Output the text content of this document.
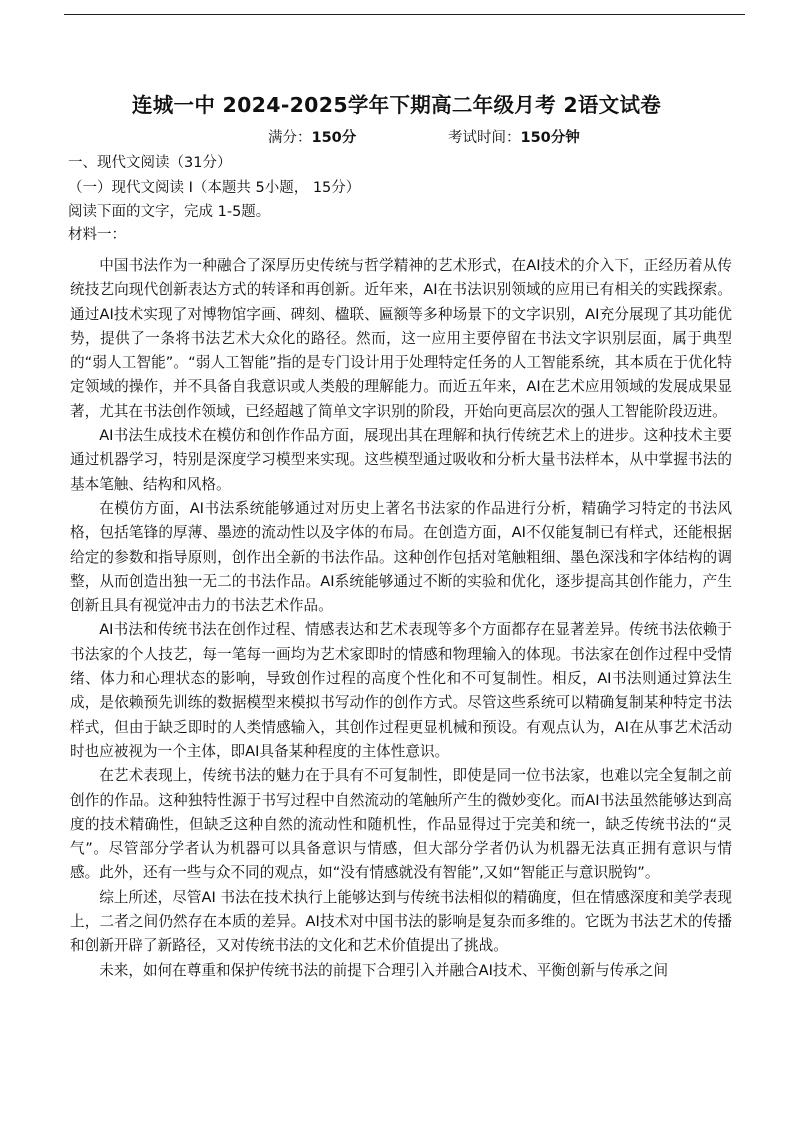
连城一中 2024-2025学年下期高二年级月考 2语文试卷
满分：150分	考试时间：150分钟
一、现代文阅读（31分）
（一）现代文阅读 I（本题共 5小题， 15分）
阅读下面的文字，完成 1-5题。
材料一：

中国书法作为一种融合了深厚历史传统与哲学精神的艺术形式，在AI技术的介入下，正经历着从传统技艺向现代创新表达方式的转译和再创新。近年来，AI在书法识别领域的应用已有相关的实践探索。通过AI技术实现了对博物馆字画、碑刻、楹联、匾额等多种场景下的文字识别，AI充分展现了其功能优势，提供了一条将书法艺术大众化的路径。然而，这一应用主要停留在书法文字识别层面，属于典型的“弱人工智能”。“弱人工智能”指的是专门设计用于处理特定任务的人工智能系统，其本质在于优化特定领域的操作，并不具备自我意识或人类般的理解能力。而近五年来，AI在艺术应用领域的发展成果显著，尤其在书法创作领域，已经超越了简单文字识别的阶段，开始向更高层次的强人工智能阶段迈进。

AI书法生成技术在模仿和创作作品方面，展现出其在理解和执行传统艺术上的进步。这种技术主要通过机器学习，特别是深度学习模型来实现。这些模型通过吸收和分析大量书法样本，从中掌握书法的基本笔触、结构和风格。

在模仿方面，AI书法系统能够通过对历史上著名书法家的作品进行分析，精确学习特定的书法风格，包括笔锋的厚薄、墨迹的流动性以及字体的布局。在创造方面，AI不仅能复制已有样式，还能根据给定的参数和指导原则，创作出全新的书法作品。这种创作包括对笔触粗细、墨色深浅和字体结构的调整，从而创造出独一无二的书法作品。AI系统能够通过不断的实验和优化，逐步提高其创作能力，产生创新且具有视觉冲击力的书法艺术作品。

AI书法和传统书法在创作过程、情感表达和艺术表现等多个方面都存在显著差异。传统书法依赖于书法家的个人技艺，每一笔每一画均为艺术家即时的情感和物理输入的体现。书法家在创作过程中受情绪、体力和心理状态的影响，导致创作过程的高度个性化和不可复制性。相反，AI书法则通过算法生成，是依赖预先训练的数据模型来模拟书写动作的创作方式。尽管这些系统可以精确复制某种特定书法样式，但由于缺乏即时的人类情感输入，其创作过程更显机械和预设。有观点认为，AI在从事艺术活动时也应被视为一个主体，即AI具备某种程度的主体性意识。

在艺术表现上，传统书法的魅力在于具有不可复制性，即使是同一位书法家，也难以完全复制之前创作的作品。这种独特性源于书写过程中自然流动的笔触所产生的微妙变化。而AI书法虽然能够达到高度的技术精确性，但缺乏这种自然的流动性和随机性，作品显得过于完美和统一，缺乏传统书法的“灵气”。尽管部分学者认为机器可以具备意识与情感，但大部分学者仍认为机器无法真正拥有意识与情感。此外，还有一些与众不同的观点，如“没有情感就没有智能”,又如“智能正与意识脱钩”。

综上所述，尽管AI 书法在技术执行上能够达到与传统书法相似的精确度，但在情感深度和美学表现上，二者之间仍然存在本质的差异。AI技术对中国书法的影响是复杂而多维的。它既为书法艺术的传播和创新开辟了新路径，又对传统书法的文化和艺术价值提出了挑战。

未来，如何在尊重和保护传统书法的前提下合理引入并融合AI技术、平衡创新与传承之间
